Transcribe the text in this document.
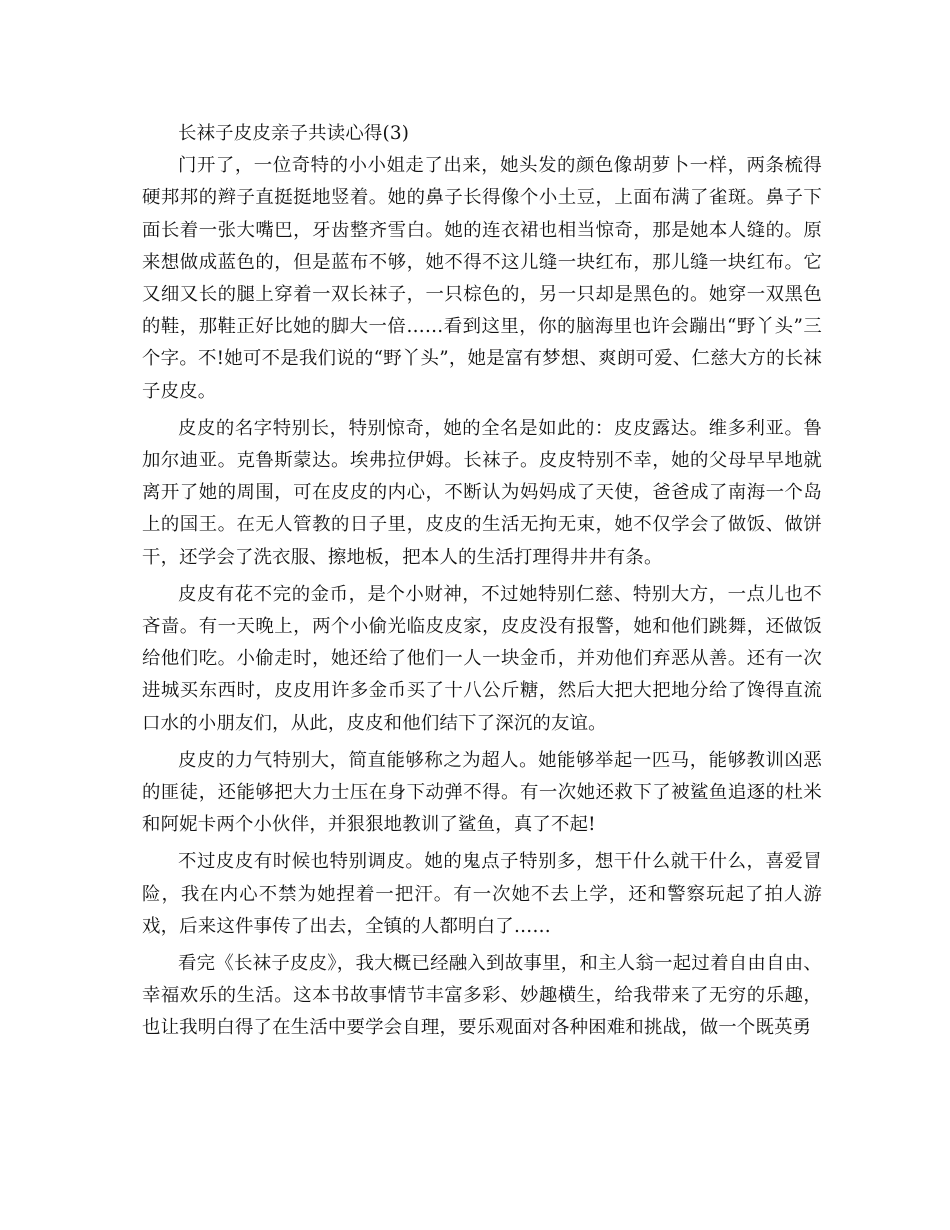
长袜子皮皮亲子共读心得(3)

门开了，一位奇特的小小姐走了出来，她头发的颜色像胡萝卜一样，两条梳得硬邦邦的辫子直挺挺地竖着。她的鼻子长得像个小土豆，上面布满了雀斑。鼻子下面长着一张大嘴巴，牙齿整齐雪白。她的连衣裙也相当惊奇，那是她本人缝的。原来想做成蓝色的，但是蓝布不够，她不得不这儿缝一块红布，那儿缝一块红布。它又细又长的腿上穿着一双长袜子，一只棕色的，另一只却是黑色的。她穿一双黑色的鞋，那鞋正好比她的脚大一倍……看到这里，你的脑海里也许会蹦出“野丫头”三个字。不!她可不是我们说的“野丫头”，她是富有梦想、爽朗可爱、仁慈大方的长袜子皮皮。

皮皮的名字特别长，特别惊奇，她的全名是如此的：皮皮露达。维多利亚。鲁加尔迪亚。克鲁斯蒙达。埃弗拉伊姆。长袜子。皮皮特别不幸，她的父母早早地就离开了她的周围，可在皮皮的内心，不断认为妈妈成了天使，爸爸成了南海一个岛上的国王。在无人管教的日子里，皮皮的生活无拘无束，她不仅学会了做饭、做饼干，还学会了洗衣服、擦地板，把本人的生活打理得井井有条。

皮皮有花不完的金币，是个小财神，不过她特别仁慈、特别大方，一点儿也不吝啬。有一天晚上，两个小偷光临皮皮家，皮皮没有报警，她和他们跳舞，还做饭给他们吃。小偷走时，她还给了他们一人一块金币，并劝他们弃恶从善。还有一次进城买东西时，皮皮用许多金币买了十八公斤糖，然后大把大把地分给了馋得直流口水的小朋友们，从此，皮皮和他们结下了深沉的友谊。

皮皮的力气特别大，简直能够称之为超人。她能够举起一匹马，能够教训凶恶的匪徒，还能够把大力士压在身下动弹不得。有一次她还救下了被鲨鱼追逐的杜米和阿妮卡两个小伙伴，并狠狠地教训了鲨鱼，真了不起!

不过皮皮有时候也特别调皮。她的鬼点子特别多，想干什么就干什么，喜爱冒险，我在内心不禁为她捏着一把汗。有一次她不去上学，还和警察玩起了拍人游戏，后来这件事传了出去，全镇的人都明白了……

看完《长袜子皮皮》，我大概已经融入到故事里，和主人翁一起过着自由自由、幸福欢乐的生活。这本书故事情节丰富多彩、妙趣横生，给我带来了无穷的乐趣，也让我明白得了在生活中要学会自理，要乐观面对各种困难和挑战，做一个既英勇
